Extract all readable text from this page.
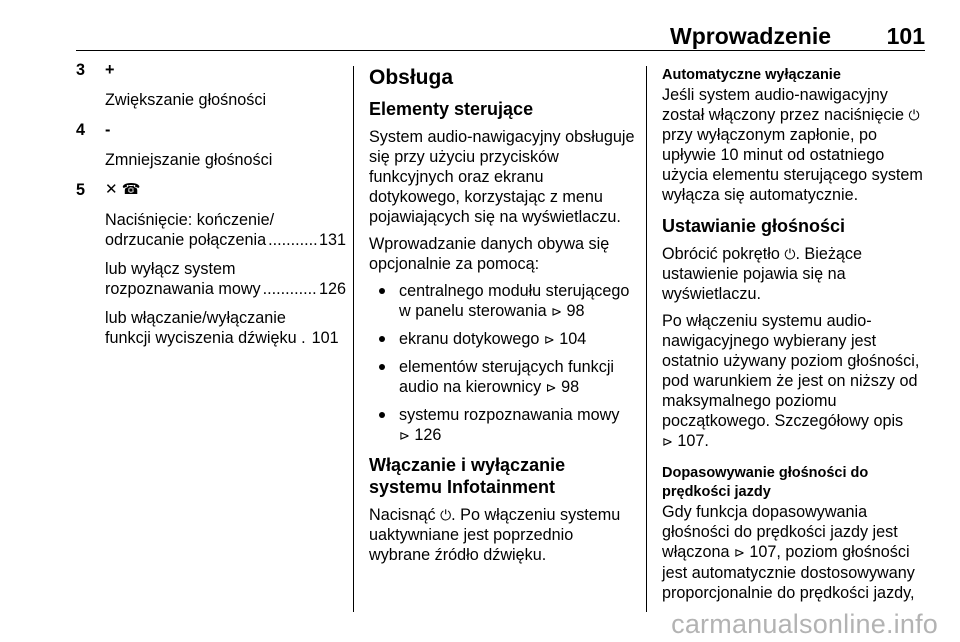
Wprowadzenie 101
3 +
Zwiększanie głośności
4 -
Zmniejszanie głośności
5 ✕ ☎

Naciśnięcie: kończenie/

odrzucanie połączenia .....	131

lub wyłącz system

rozpoznawania mowy .....	126

lub włączanie/wyłączanie

funkcji wyciszenia dźwięku . 101
Obsługa
Elementy sterujące

System audio-nawigacyjny obsługuje się przy użyciu przycisków funkcyjnych oraz ekranu dotykowego, korzystając z menu pojawiających się na wyświetlaczu.

Wprowadzanie danych obywa się opcjonalnie za pomocą:

centralnego modułu sterującego w panelu sterowania ⊳ 98
ekranu dotykowego ⊳ 104
elementów sterujących funkcji audio na kierownicy ⊳ 98
systemu rozpoznawania mowy
⊳ 126
Włączanie i wyłączanie systemu Infotainment

Nacisnąć ⏻. Po włączeniu systemu uaktywniane jest poprzednio wybrane źródło dźwięku.

Automatyczne wyłączanie

Jeśli system audio-nawigacyjny został włączony przez naciśnięcie ⏻ przy wyłączonym zapłonie, po upływie 10 minut od ostatniego użycia elementu sterującego system wyłącza się automatycznie.

Ustawianie głośności

Obrócić pokrętło ⏻. Bieżące ustawienie pojawia się na wyświetlaczu.

Po włączeniu systemu audio-nawigacyjnego wybierany jest ostatnio używany poziom głośności, pod warunkiem że jest on niższy od maksymalnego poziomu początkowego. Szczegółowy opis
⊳ 107.

Dopasowywanie głośności do prędkości jazdy

Gdy funkcja dopasowywania głośności do prędkości jazdy jest włączona ⊳ 107, poziom głośności jest automatycznie dostosowywany proporcjonalnie do prędkości jazdy,

carmanualsonline.info
